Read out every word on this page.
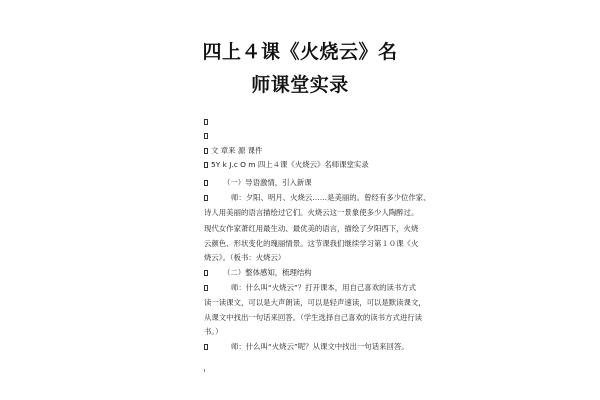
四上４课《火烧云》名
师课堂实录
文 章来 源 课件
5Y k J.c O m 四上４课《火烧云》名师课堂实录
（一）导语激情，引入新课
师：夕阳、明月、火烧云……是美丽的。曾经有多少位作家、
诗人用美丽的语言描绘过它们。火烧云这一景象使多少人陶醉过。
现代女作家萧红用最生动、最优美的语言，描绘了夕阳西下，火烧
云颜色、形状变化的瑰丽情景。这节课我们继续学习第１０课《火
烧云》。（板书：火烧云）
（二）整体感知，梳理结构
师：什么叫“火烧云”？打开课本，用自己喜欢的读书方式
读一读课文，可以是大声朗读，可以是轻声速读，可以是默读课文，
从课文中找出一句话来回答。（学生选择自己喜欢的读书方式进行读
书。）
师：什么叫“火烧云”呢？从课文中找出一句话来回答。
